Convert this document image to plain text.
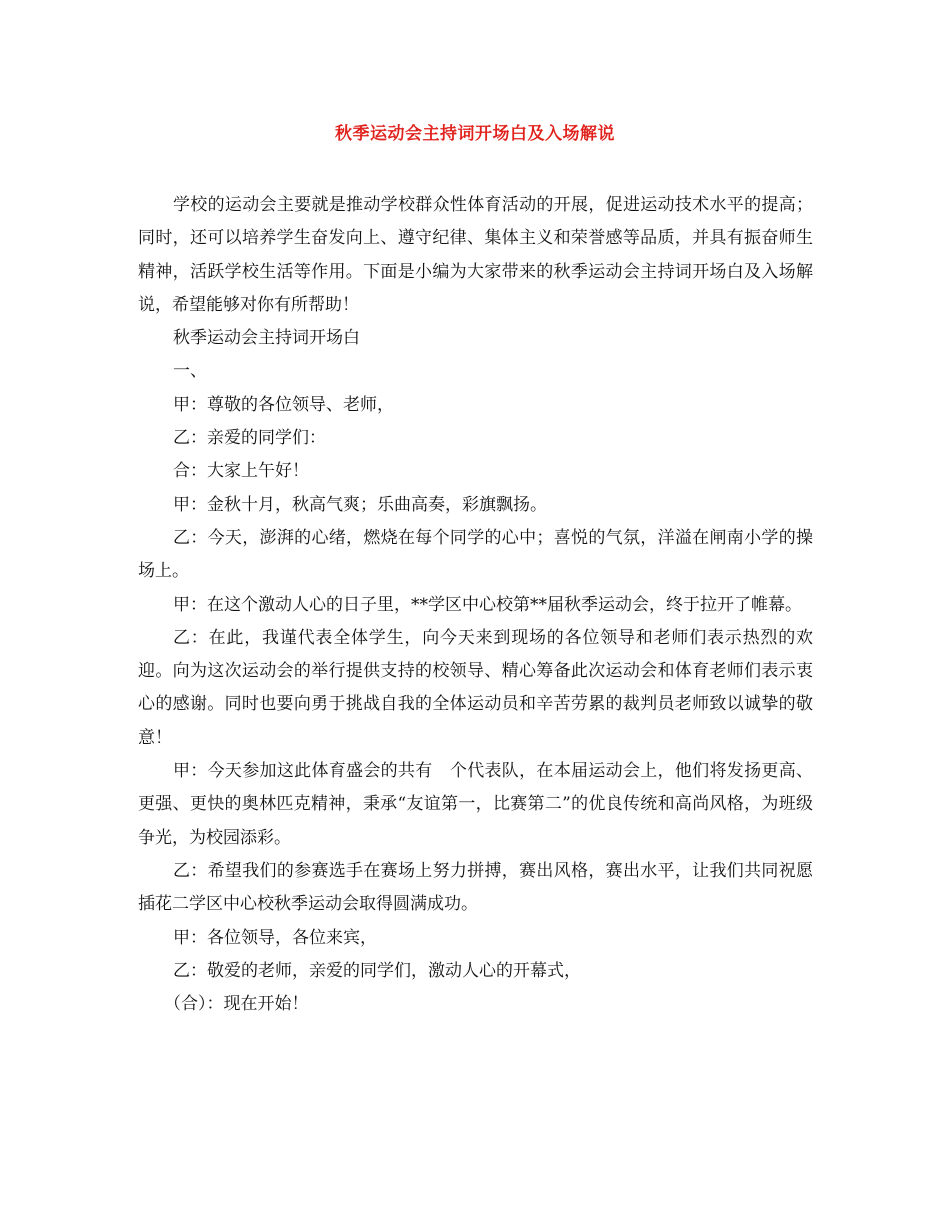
秋季运动会主持词开场白及入场解说

学校的运动会主要就是推动学校群众性体育活动的开展，促进运动技术水平的提高；同时，还可以培养学生奋发向上、遵守纪律、集体主义和荣誉感等品质，并具有振奋师生精神，活跃学校生活等作用。下面是小编为大家带来的秋季运动会主持词开场白及入场解说，希望能够对你有所帮助！

秋季运动会主持词开场白

一、

甲：尊敬的各位领导、老师，

乙：亲爱的同学们：

合：大家上午好！

甲：金秋十月，秋高气爽；乐曲高奏，彩旗飘扬。

乙：今天，澎湃的心绪，燃烧在每个同学的心中；喜悦的气氛，洋溢在闸南小学的操场上。

甲：在这个激动人心的日子里，**学区中心校第**届秋季运动会，终于拉开了帷幕。

乙：在此，我谨代表全体学生，向今天来到现场的各位领导和老师们表示热烈的欢迎。向为这次运动会的举行提供支持的校领导、精心筹备此次运动会和体育老师们表示衷心的感谢。同时也要向勇于挑战自我的全体运动员和辛苦劳累的裁判员老师致以诚挚的敬意！

甲：今天参加这此体育盛会的共有　个代表队，在本届运动会上，他们将发扬更高、更强、更快的奥林匹克精神，秉承“友谊第一，比赛第二”的优良传统和高尚风格，为班级争光，为校园添彩。

乙：希望我们的参赛选手在赛场上努力拼搏，赛出风格，赛出水平，让我们共同祝愿插花二学区中心校秋季运动会取得圆满成功。

甲：各位领导，各位来宾，

乙：敬爱的老师，亲爱的同学们，激动人心的开幕式，

（合）：现在开始！
